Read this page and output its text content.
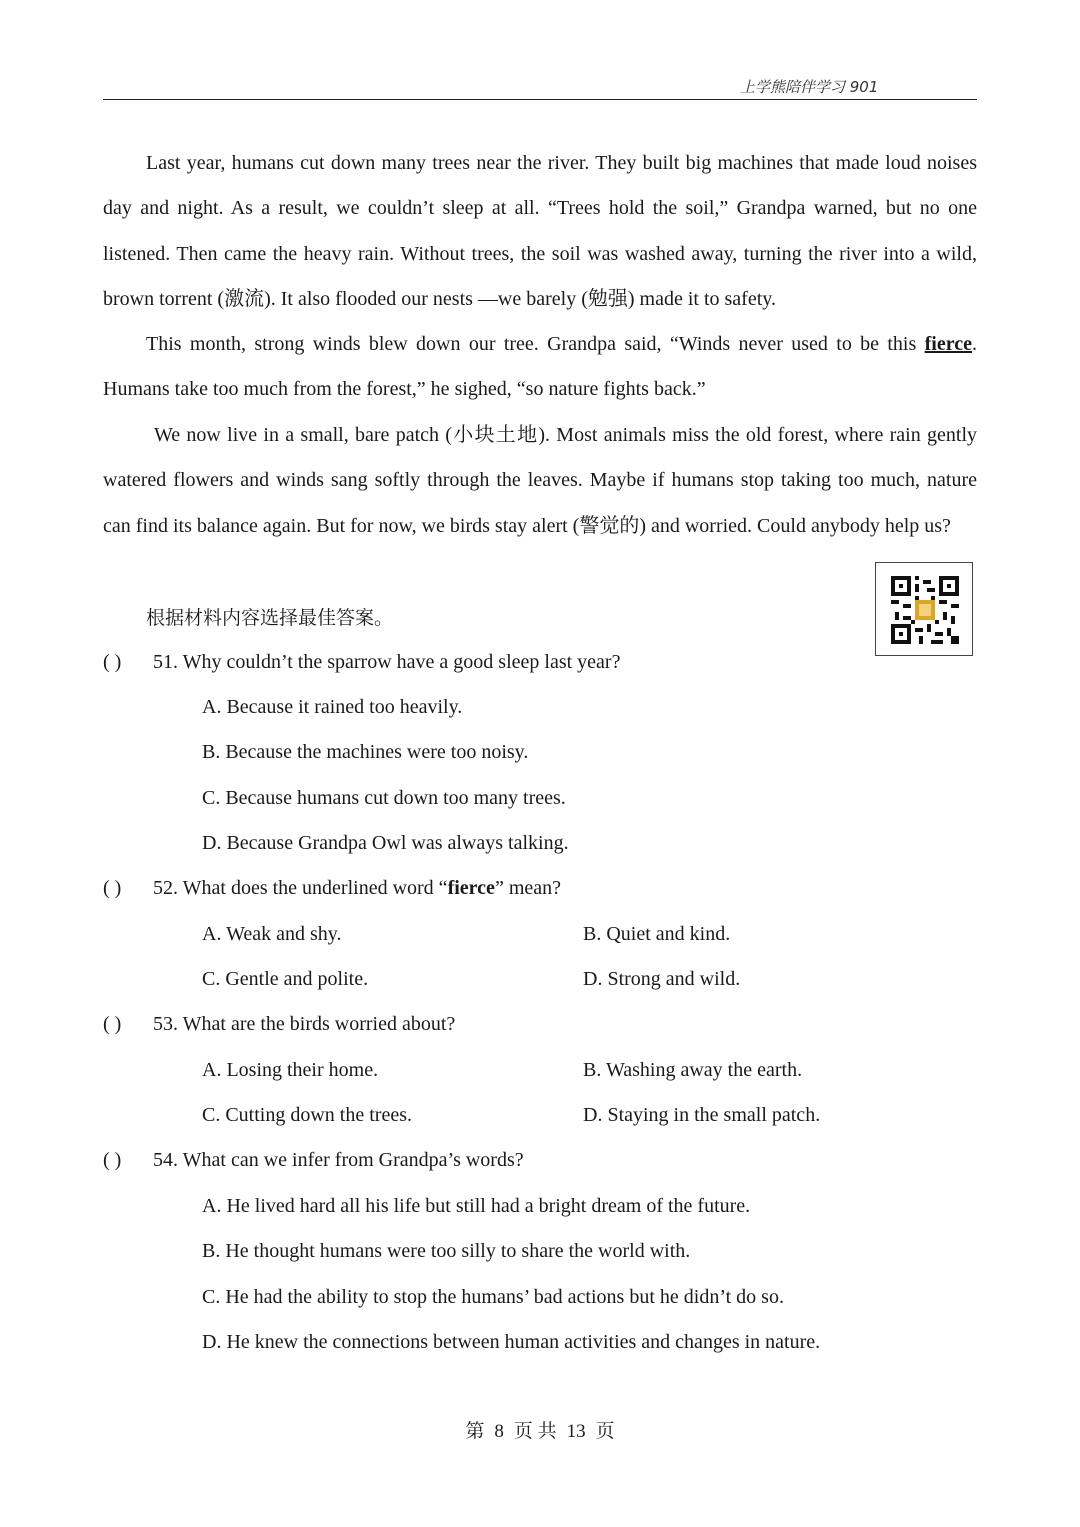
上学熊陪伴学习 901

Last year, humans cut down many trees near the river. They built big machines that made loud noises day and night. As a result, we couldn’t sleep at all. “Trees hold the soil,” Grandpa warned, but no one listened. Then came the heavy rain. Without trees, the soil was washed away, turning the river into a wild, brown torrent (激流). It also flooded our nests —we barely (勉强) made it to safety.

This month, strong winds blew down our tree. Grandpa said, “Winds never used to be this fierce. Humans take too much from the forest,” he sighed, “so nature fights back.”

We now live in a small, bare patch (小块土地). Most animals miss the old forest, where rain gently watered flowers and winds sang softly through the leaves. Maybe if humans stop taking too much, nature can find its balance again. But for now, we birds stay alert (警觉的) and worried. Could anybody help us?

根据材料内容选择最佳答案。
( ) 51. Why couldn’t the sparrow have a good sleep last year?
A. Because it rained too heavily.
B. Because the machines were too noisy.
C. Because humans cut down too many trees.
D. Because Grandpa Owl was always talking.
( ) 52. What does the underlined word “fierce” mean?
A. Weak and shy.	B. Quiet and kind.
C. Gentle and polite.	D. Strong and wild.
( ) 53. What are the birds worried about?
A. Losing their home.	B. Washing away the earth.
C. Cutting down the trees.	D. Staying in the small patch.
( ) 54. What can we infer from Grandpa’s words?
A. He lived hard all his life but still had a bright dream of the future.
B. He thought humans were too silly to share the world with.
C. He had the ability to stop the humans’ bad actions but he didn’t do so.
D. He knew the connections between human activities and changes in nature.
第 8 页 共 13 页
